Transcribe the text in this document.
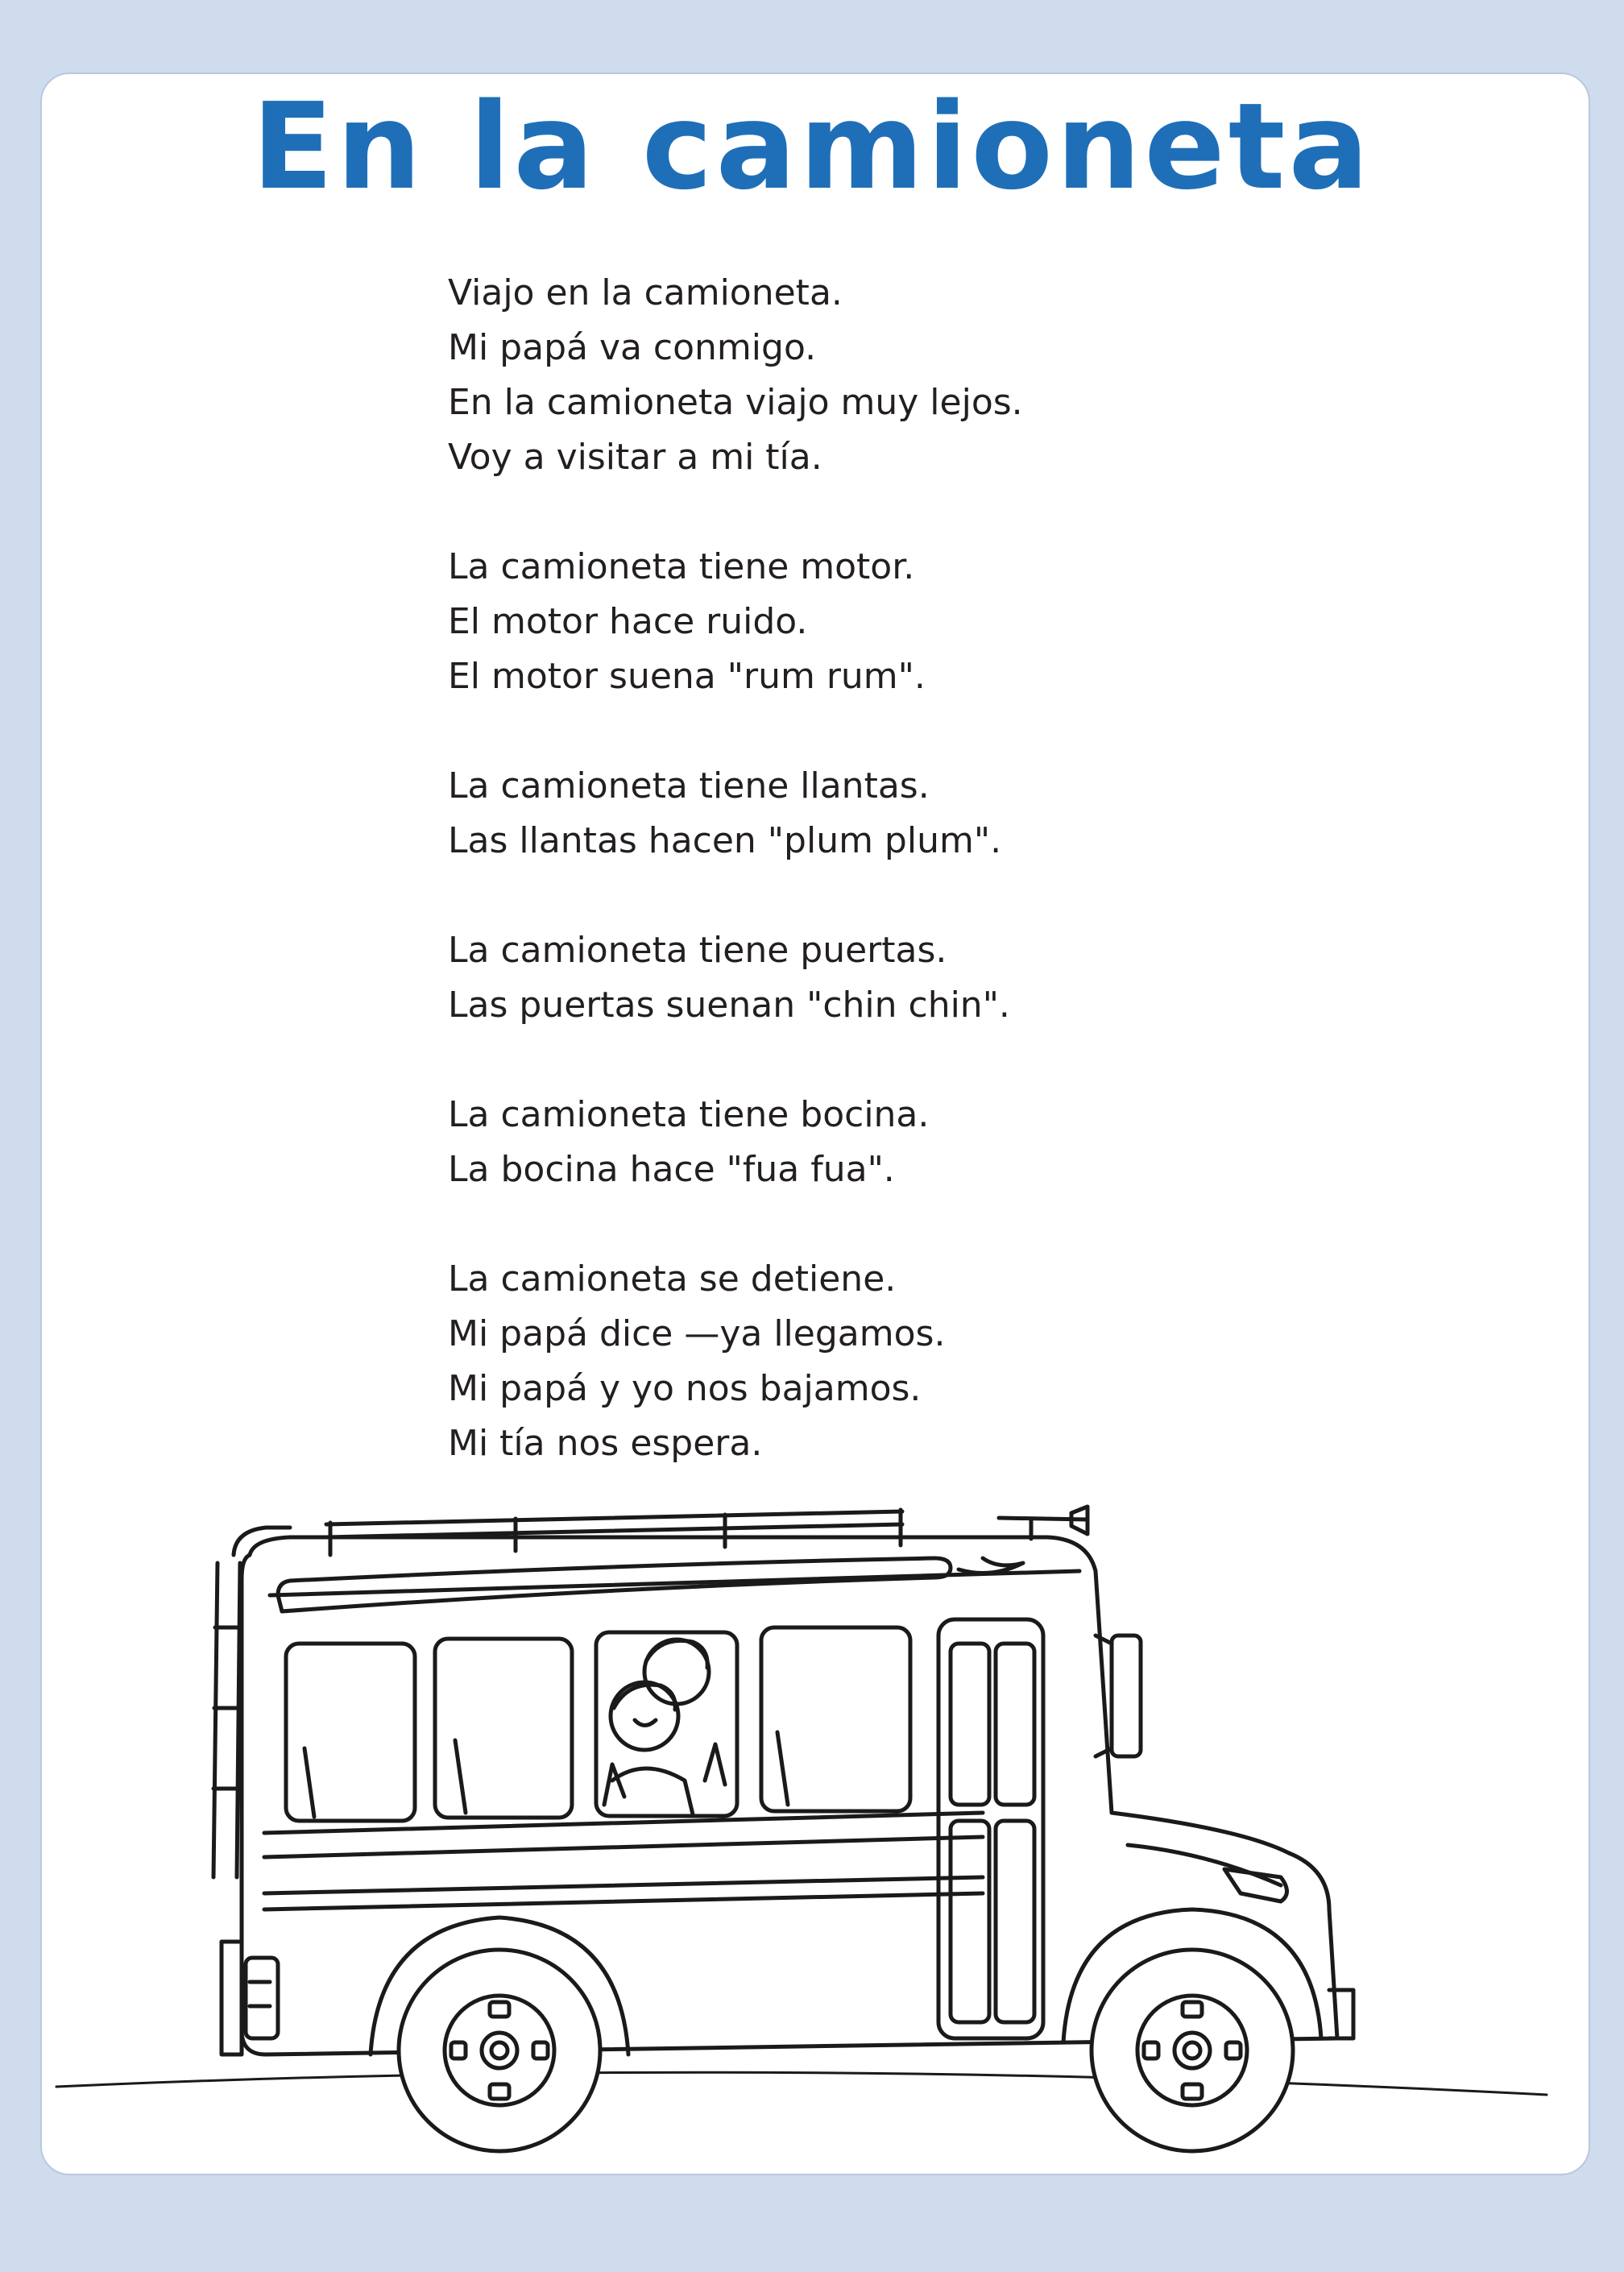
En la camioneta
Viajo en la camioneta.
Mi papá va conmigo.
En la camioneta viajo muy lejos.
Voy a visitar a mi tía.
La camioneta tiene motor.
El motor hace ruido.
El motor suena "rum rum".
La camioneta tiene llantas.
Las llantas hacen "plum plum".
La camioneta tiene puertas.
Las puertas suenan "chin chin".
La camioneta tiene bocina.
La bocina hace "fua fua".
La camioneta se detiene.
Mi papá dice —ya llegamos.
Mi papá y yo nos bajamos.
Mi tía nos espera.
